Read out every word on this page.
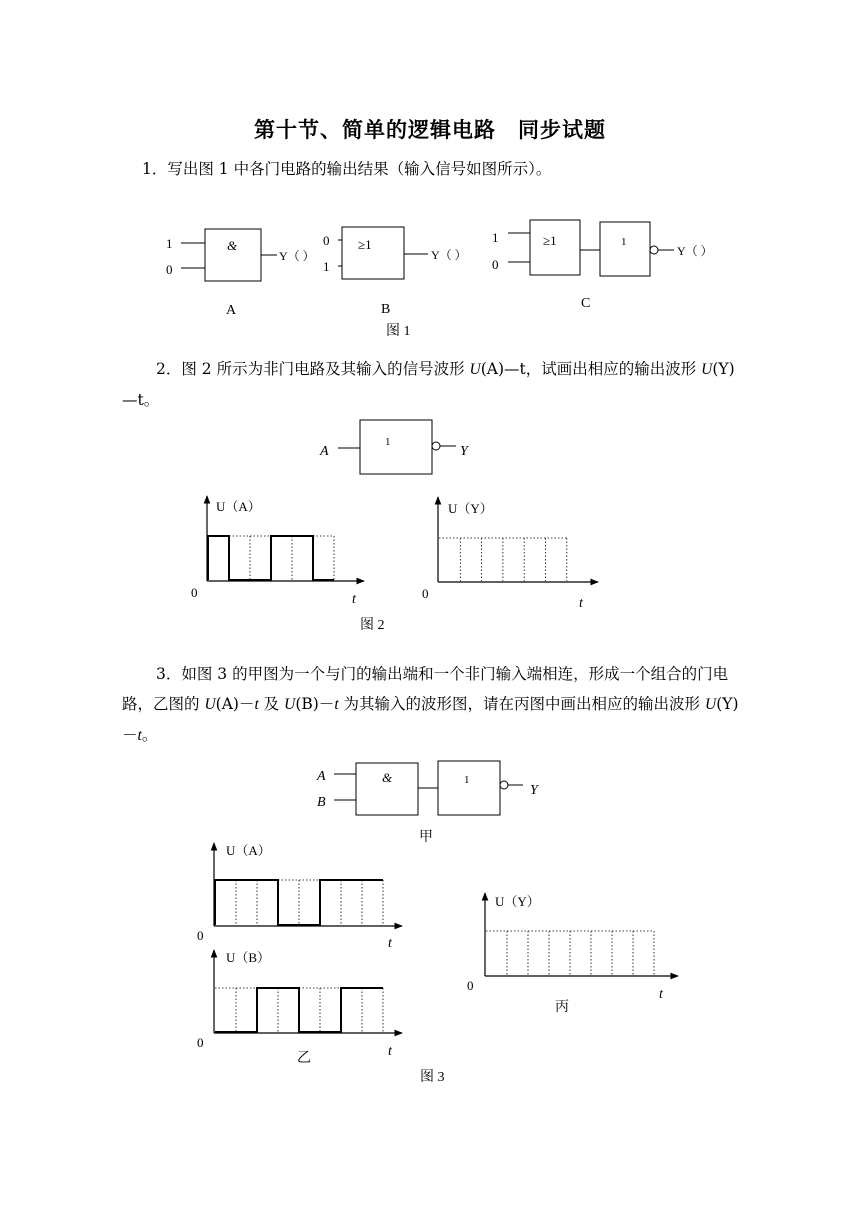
第十节、简单的逻辑电路　同步试题
1．写出图 1 中各门电路的输出结果（输入信号如图所示）。
2．图 2 所示为非门电路及其输入的信号波形 U(A)—t，试画出相应的输出波形 U(Y)—t。
3．如图 3 的甲图为一个与门的输出端和一个非门输入端相连，形成一个组合的门电路，乙图的 U(A)－t 及 U(B)－t 为其输入的波形图，请在丙图中画出相应的输出波形 U(Y)－t。
1
0
&
Y（ ）
A
0
1
≥1
Y（ ）
B
1
0
≥1	1
Y（ ）
C
图 1
A
1
Y
U（A）
0	t
U（Y）
0
t
图 2
A
B
&	1
Y
甲
U（A）
0
t
U（B）
0
t
乙
U（Y）
0
t
丙
图 3
